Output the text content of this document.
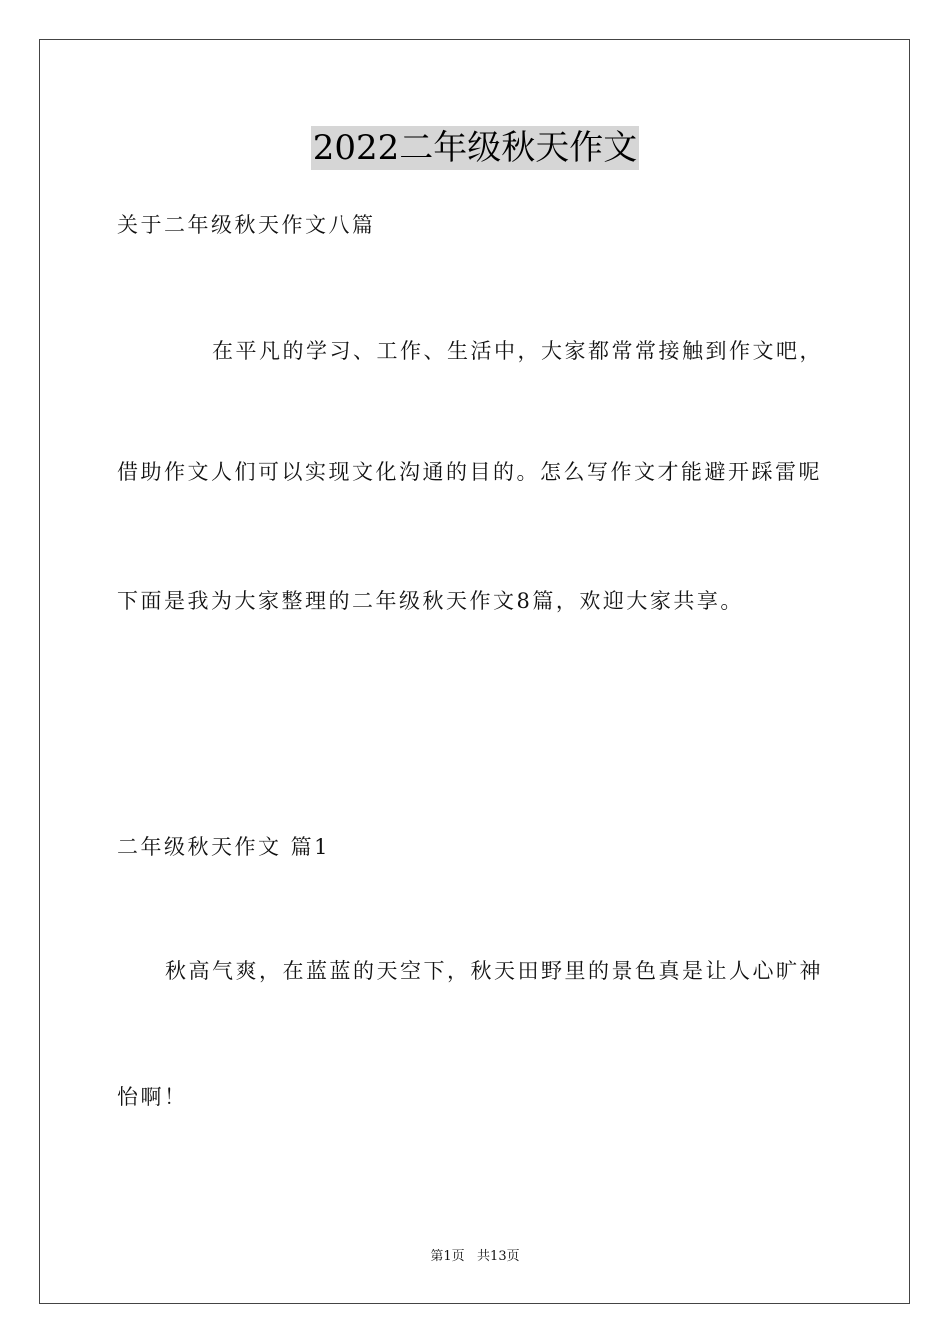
2022二年级秋天作文
关于二年级秋天作文八篇
在平凡的学习、工作、生活中，大家都常常接触到作文吧，
借助作文人们可以实现文化沟通的目的。怎么写作文才能避开踩雷呢
下面是我为大家整理的二年级秋天作文8篇，欢迎大家共享。
二年级秋天作文 篇1
秋高气爽，在蓝蓝的天空下，秋天田野里的景色真是让人心旷神
怡啊！
第1页   共13页
